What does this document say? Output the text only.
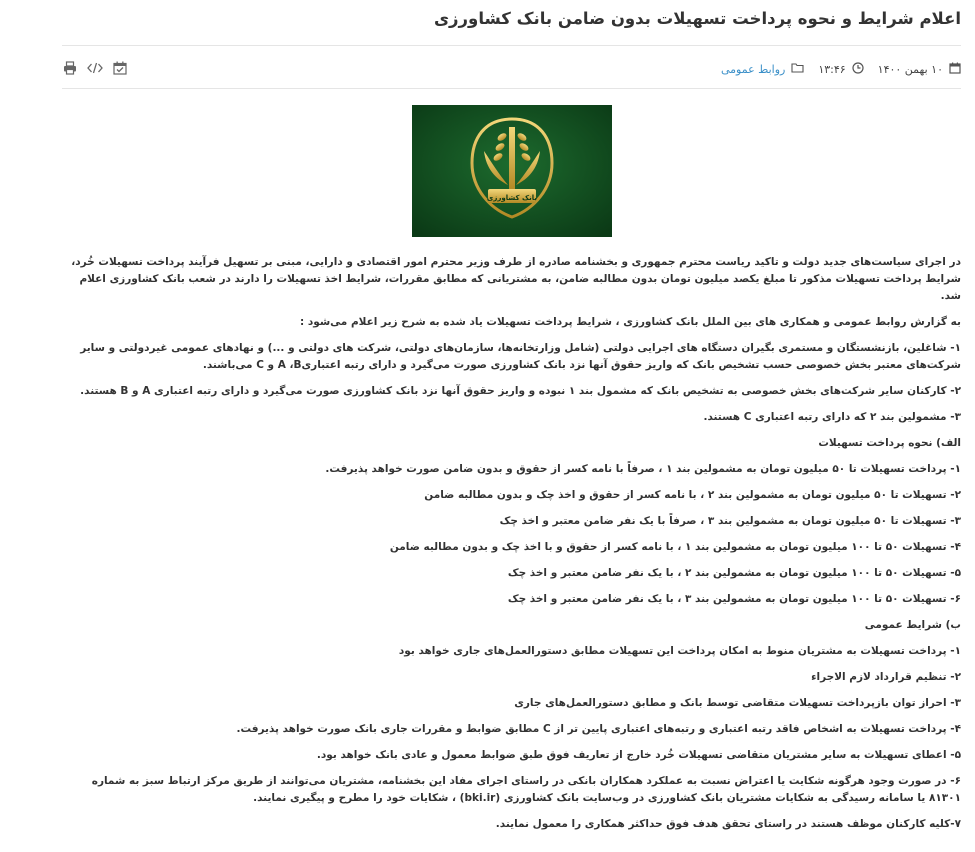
اعلام شرایط و نحوه پرداخت تسهیلات بدون ضامن بانک کشاورزی
۱۰ بهمن ۱۴۰۰
۱۳:۴۶
روابط عمومی
بانک کشاورزی

در اجرای سیاست‌های جدید دولت و تاکید ریاست محترم جمهوری و بخشنامه صادره از طرف وزیر محترم امور اقتصادی و دارایی، مبنی بر تسهیل فرآیند پرداخت تسهیلات خُرد، شرایط پرداخت تسهیلات مذکور تا مبلغ یکصد میلیون تومان بدون مطالبه ضامن، به مشتریانی که مطابق مقررات، شرایط اخذ تسهیلات را دارند در شعب بانک کشاورزی اعلام شد.

به گزارش روابط عمومی و همکاری های بین الملل بانک کشاورزی ، شرایط پرداخت تسهیلات یاد شده به شرح زیر اعلام می‌شود :

۱- شاغلین، بازنشستگان و مستمری بگیران دستگاه های اجرایی دولتی (شامل وزارتخانه‌ها، سازمان‌های دولتی، شرکت های دولتی و ...) و نهادهای عمومی غیردولتی و سایر شرکت‌های معتبر بخش خصوصی حسب تشخیص بانک که واریز حقوق آنها نزد بانک کشاورزی صورت می‌گیرد و دارای رتبه اعتباریA ،B و C می‌باشند.

۲- کارکنان سایر شرکت‌های بخش خصوصی به تشخیص بانک که مشمول بند ۱ نبوده و واریز حقوق آنها نزد بانک کشاورزی صورت می‌گیرد و دارای رتبه اعتباری A و B هستند.

۳- مشمولین بند ۲ که دارای رتبه اعتباری C هستند.

الف) نحوه پرداخت تسهیلات

۱- پرداخت تسهیلات تا ۵۰ میلیون تومان به مشمولین بند ۱ ، صرفاً با نامه کسر از حقوق و بدون ضامن صورت خواهد پذیرفت.

۲- تسهیلات تا ۵۰ میلیون تومان به مشمولین بند ۲ ، با نامه کسر از حقوق و اخذ چک و بدون مطالبه ضامن

۳- تسهیلات تا ۵۰ میلیون تومان به مشمولین بند ۳ ، صرفاً با یک نفر ضامن معتبر و اخذ چک

۴- تسهیلات ۵۰ تا ۱۰۰ میلیون تومان به مشمولین بند ۱ ، با نامه کسر از حقوق و با اخذ چک و بدون مطالبه ضامن

۵- تسهیلات ۵۰ تا ۱۰۰ میلیون تومان به مشمولین بند ۲ ، با یک نفر ضامن معتبر و اخذ چک

۶- تسهیلات ۵۰ تا ۱۰۰ میلیون تومان به مشمولین بند ۳ ، با یک نفر ضامن معتبر و اخذ چک

ب) شرایط عمومی

۱- پرداخت تسهیلات به مشتریان منوط به امکان پرداخت این تسهیلات مطابق دستورالعمل‌های جاری خواهد بود

۲- تنظیم قرارداد لازم الاجراء

۳- احراز توان بازپرداخت تسهیلات متقاضی توسط بانک و مطابق دستورالعمل‌های جاری

۴- پرداخت تسهیلات به اشخاص فاقد رتبه اعتباری و رتبه‌های اعتباری پایین تر از C مطابق ضوابط و مقررات جاری بانک صورت خواهد پذیرفت.

۵- اعطای تسهیلات به سایر مشتریان متقاضی تسهیلات خُرد خارج از تعاریف فوق طبق ضوابط معمول و عادی بانک خواهد بود.

۶- در صورت وجود هرگونه شکایت یا اعتراض نسبت به عملکرد همکاران بانکی در راستای اجرای مفاد این بخشنامه، مشتریان می‌توانند از طریق مرکز ارتباط سبز به شماره ۸۱۳۰۱ یا سامانه رسیدگی به شکایات مشتریان بانک کشاورزی در وب‌سایت بانک کشاورزی (bki.ir) ، شکایات خود را مطرح و پیگیری نمایند.

۷-کلیه کارکنان موظف هستند در راستای تحقق هدف فوق حداکثر همکاری را معمول نمایند.
